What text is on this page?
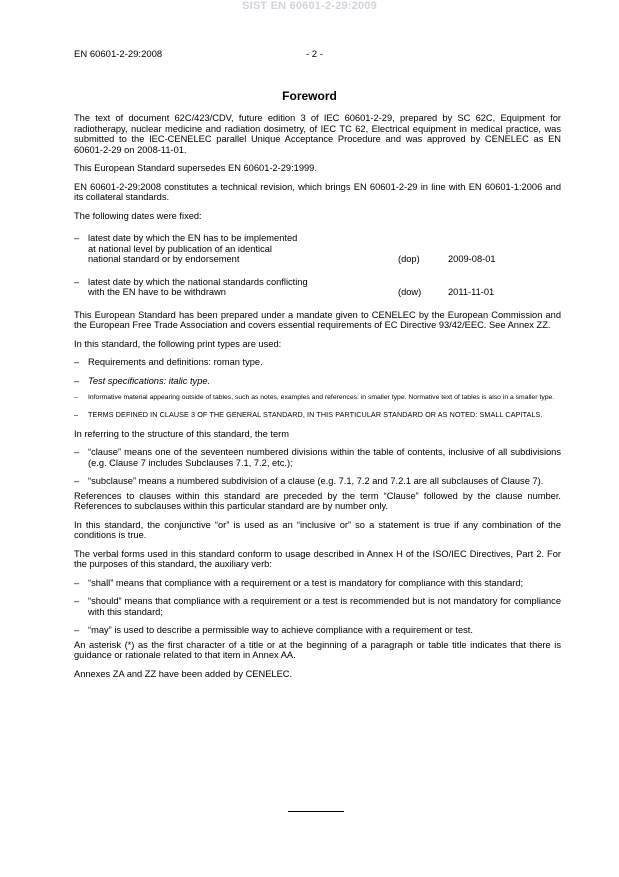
SIST EN 60601-2-29:2009
EN 60601-2-29:2008	- 2 -
Foreword

The text of document 62C/423/CDV, future edition 3 of IEC 60601-2-29, prepared by SC 62C, Equipment for radiotherapy, nuclear medicine and radiation dosimetry, of IEC TC 62, Electrical equipment in medical practice, was submitted to the IEC-CENELEC parallel Unique Acceptance Procedure and was approved by CENELEC as EN 60601-2-29 on 2008-11-01.

This European Standard supersedes EN 60601-2-29:1999.

EN 60601-2-29:2008 constitutes a technical revision, which brings EN 60601-2-29 in line with EN 60601-1:2006 and its collateral standards.

The following dates were fixed:

– latest date by which the EN has to be implemented
at national level by publication of an identical
national standard or by endorsement	(dop)	2009-08-01
– latest date by which the national standards conflicting
with the EN have to be withdrawn	(dow)	2011-11-01

This European Standard has been prepared under a mandate given to CENELEC by the European Commission and the European Free Trade Association and covers essential requirements of EC Directive 93/42/EEC. See Annex ZZ.

In this standard, the following print types are used:

– Requirements and definitions: roman type.
– Test specifications: italic type.
– Informative material appearing outside of tables, such as notes, examples and references: in smaller type. Normative text of tables is also in a smaller type.
– TERMS DEFINED IN CLAUSE 3 OF THE GENERAL STANDARD, IN THIS PARTICULAR STANDARD OR AS NOTED: SMALL CAPITALS.

In referring to the structure of this standard, the term

– “clause” means one of the seventeen numbered divisions within the table of contents, inclusive of all subdivisions (e.g. Clause 7 includes Subclauses 7.1, 7.2, etc.);
– “subclause” means a numbered subdivision of a clause (e.g. 7.1, 7.2 and 7.2.1 are all subclauses of Clause 7).

References to clauses within this standard are preceded by the term “Clause” followed by the clause number. References to subclauses within this particular standard are by number only.

In this standard, the conjunctive “or” is used as an “inclusive or” so a statement is true if any combination of the conditions is true.

The verbal forms used in this standard conform to usage described in Annex H of the ISO/IEC Directives, Part 2. For the purposes of this standard, the auxiliary verb:

– “shall” means that compliance with a requirement or a test is mandatory for compliance with this standard;
– “should” means that compliance with a requirement or a test is recommended but is not mandatory for compliance with this standard;
– “may” is used to describe a permissible way to achieve compliance with a requirement or test.

An asterisk (*) as the first character of a title or at the beginning of a paragraph or table title indicates that there is guidance or rationale related to that item in Annex AA.

Annexes ZA and ZZ have been added by CENELEC.
